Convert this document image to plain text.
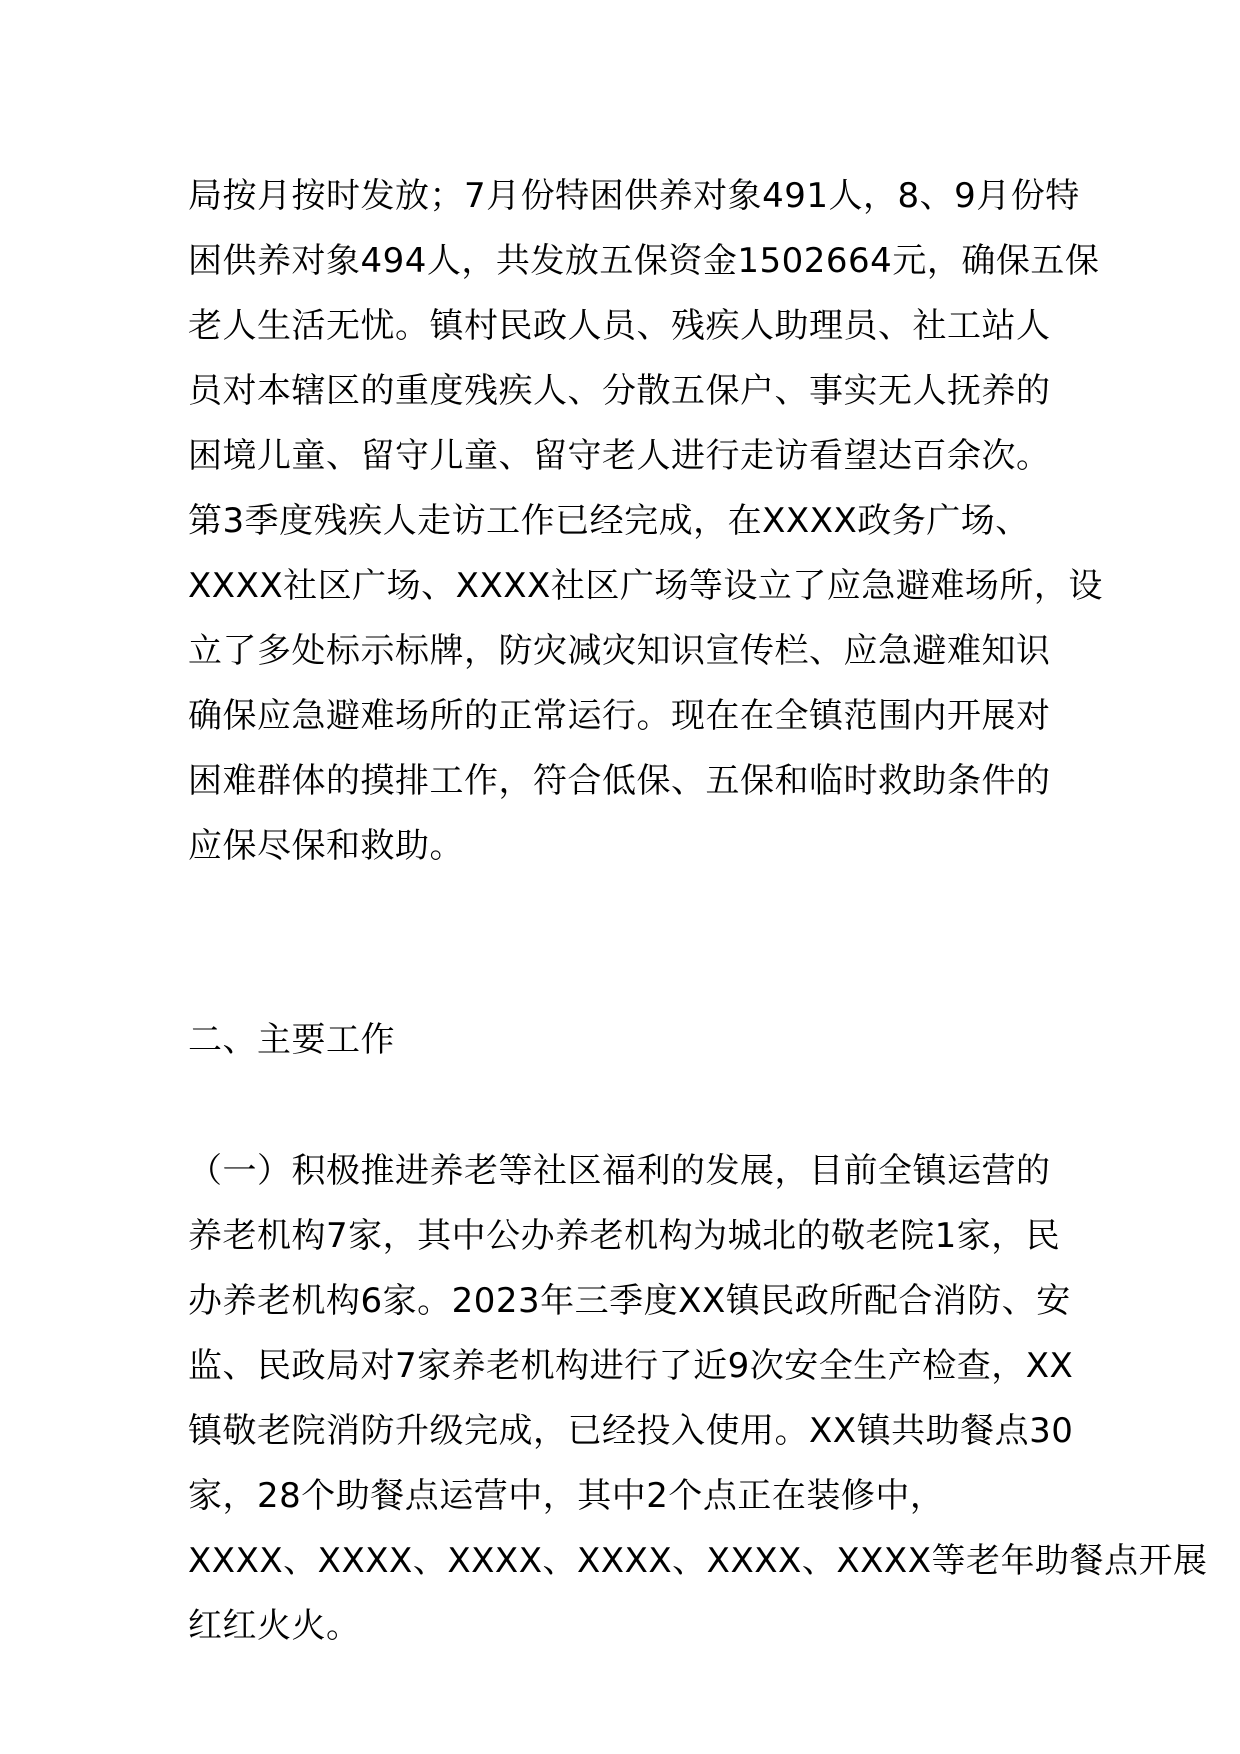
局按月按时发放；7月份特困供养对象491人，8、9月份特
困供养对象494人，共发放五保资金1502664元，确保五保
老人生活无忧。镇村民政人员、残疾人助理员、社工站人
员对本辖区的重度残疾人、分散五保户、事实无人抚养的
困境儿童、留守儿童、留守老人进行走访看望达百余次。
第3季度残疾人走访工作已经完成，在XXXX政务广场、
XXXX社区广场、XXXX社区广场等设立了应急避难场所，设
立了多处标示标牌，防灾减灾知识宣传栏、应急避难知识
确保应急避难场所的正常运行。现在在全镇范围内开展对
困难群体的摸排工作，符合低保、五保和临时救助条件的
应保尽保和救助。
二、主要工作
（一）积极推进养老等社区福利的发展，目前全镇运营的
养老机构7家，其中公办养老机构为城北的敬老院1家，民
办养老机构6家。2023年三季度XX镇民政所配合消防、安
监、民政局对7家养老机构进行了近9次安全生产检查，XX
镇敬老院消防升级完成，已经投入使用。XX镇共助餐点30
家，28个助餐点运营中，其中2个点正在装修中，
XXXX、XXXX、XXXX、XXXX、XXXX、XXXX等老年助餐点开展
红红火火。
